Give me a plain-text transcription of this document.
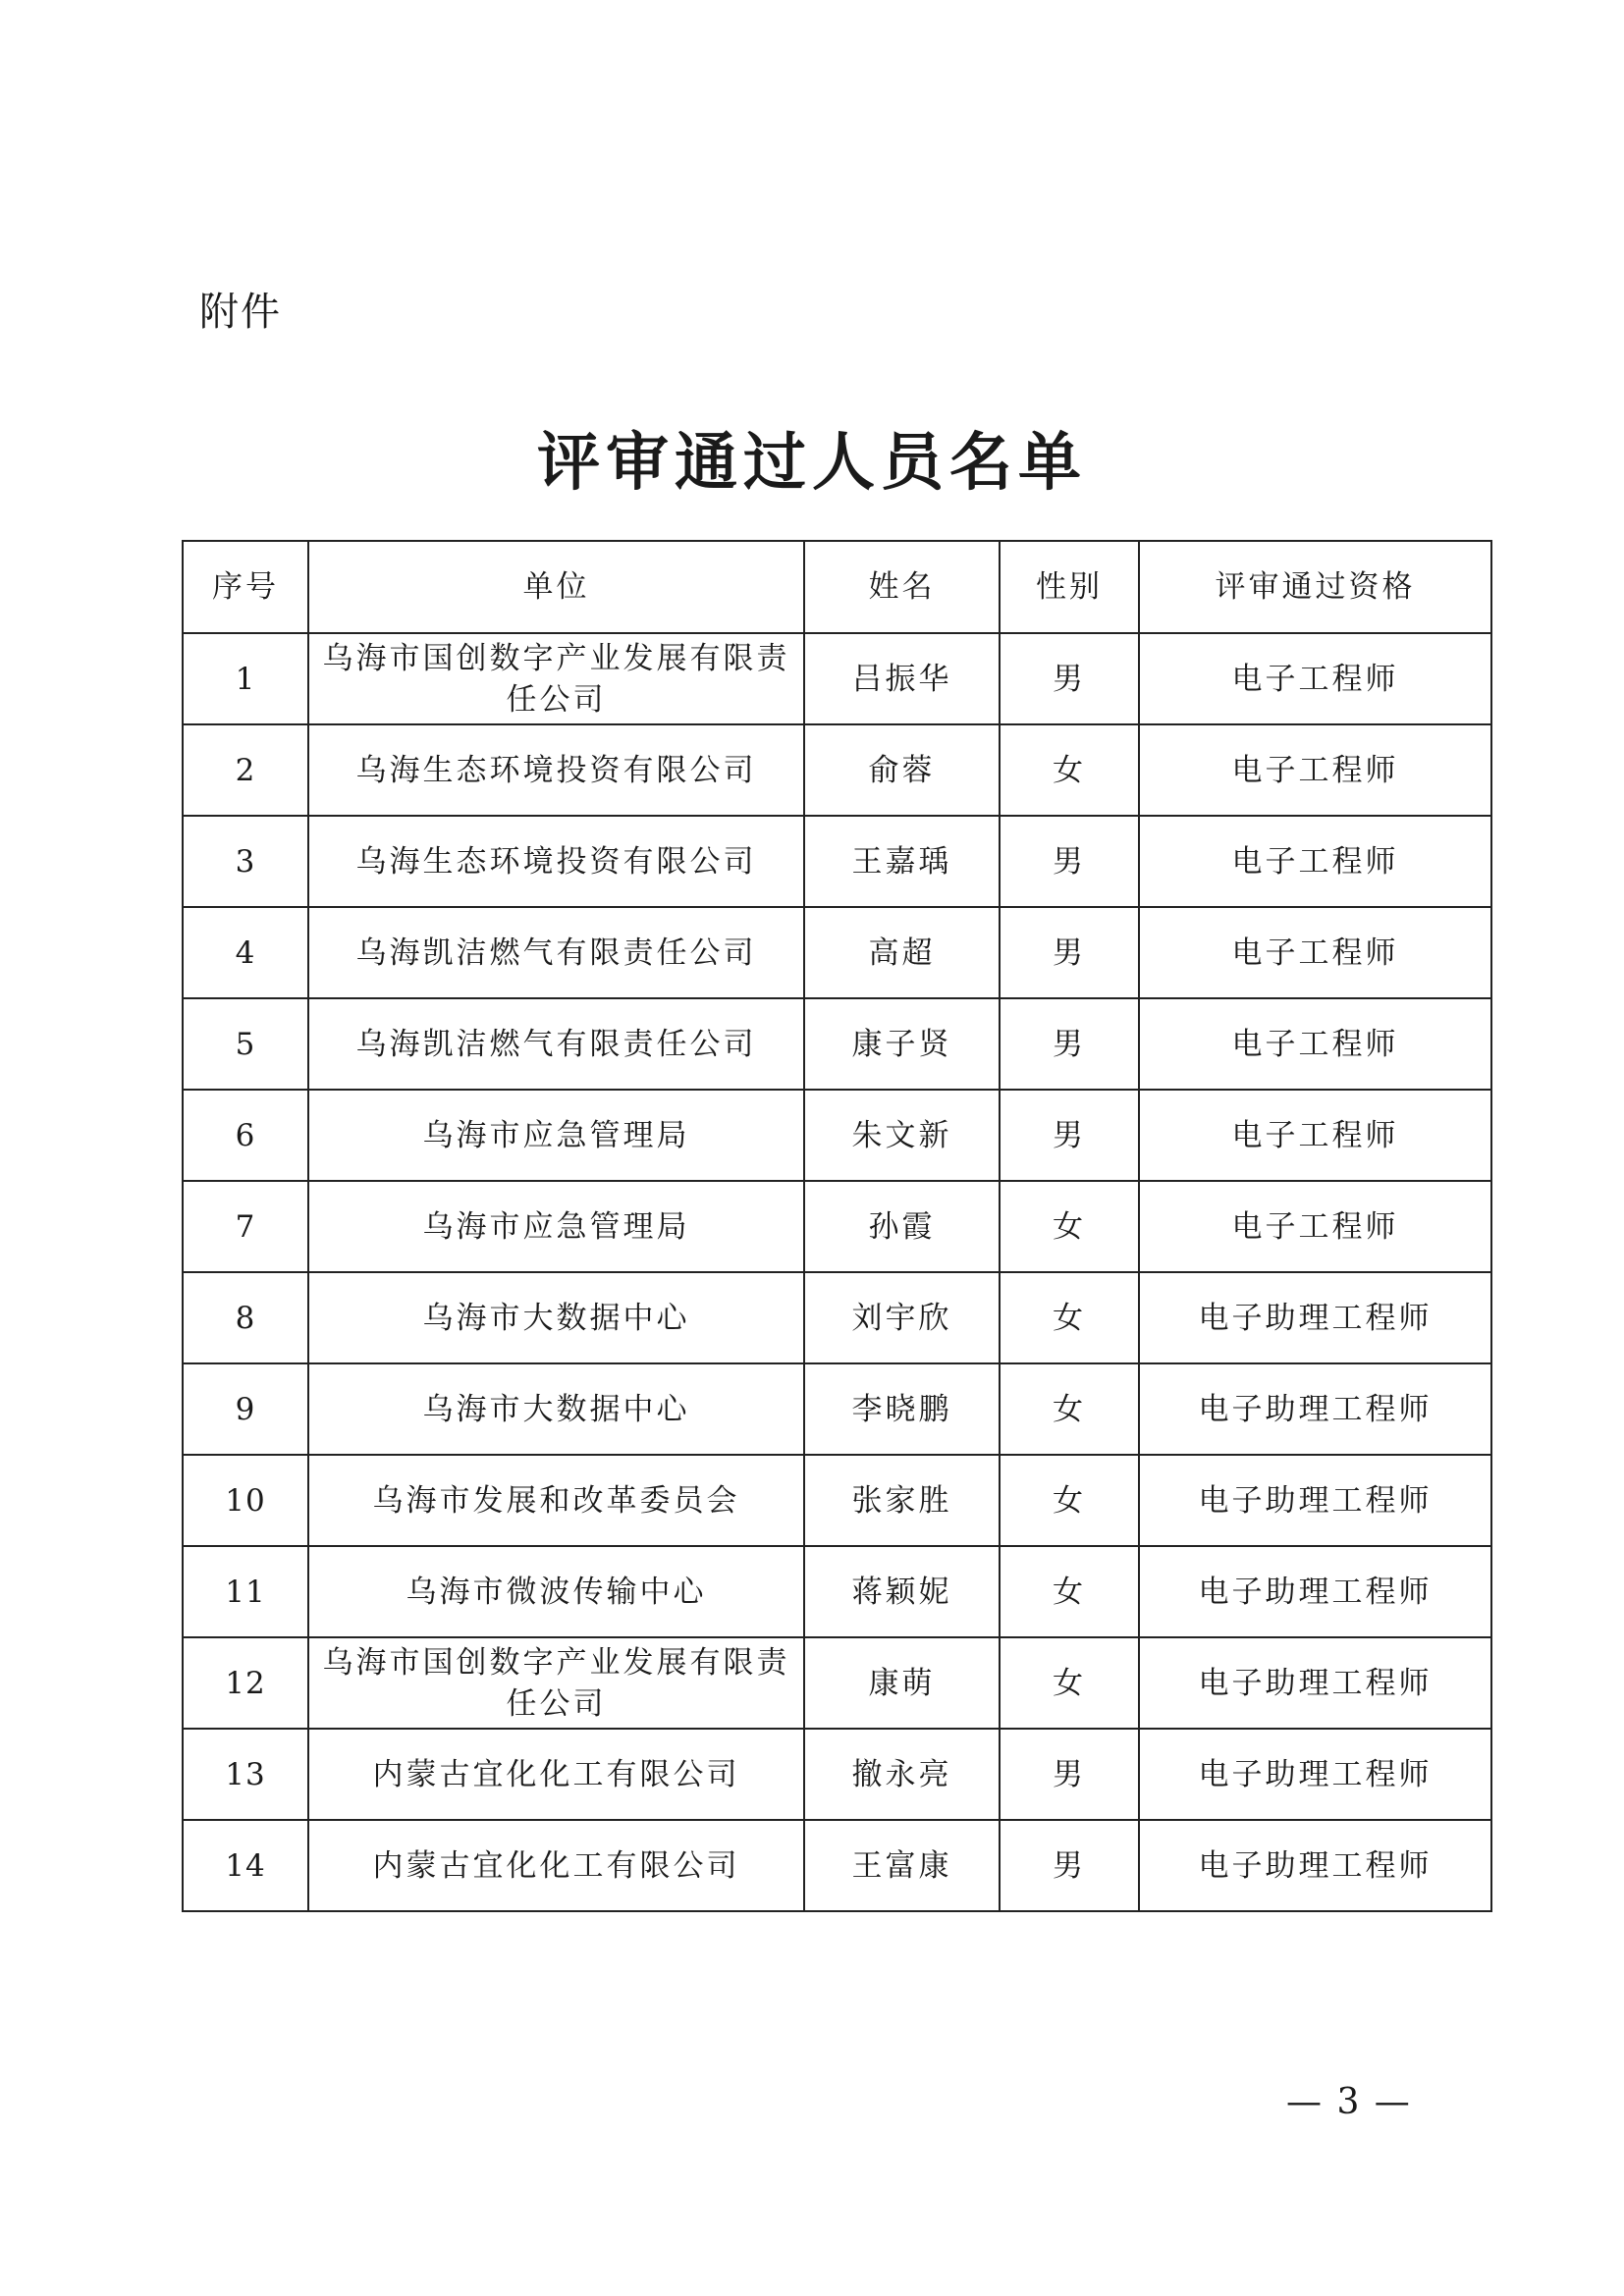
附件
评审通过人员名单
序号	单位	姓名	性别	评审通过资格
1	乌海市国创数字产业发展有限责任公司	吕振华	男	电子工程师
2	乌海生态环境投资有限公司	俞蓉	女	电子工程师
3	乌海生态环境投资有限公司	王嘉瑀	男	电子工程师
4	乌海凯洁燃气有限责任公司	高超	男	电子工程师
5	乌海凯洁燃气有限责任公司	康子贤	男	电子工程师
6	乌海市应急管理局	朱文新	男	电子工程师
7	乌海市应急管理局	孙霞	女	电子工程师
8	乌海市大数据中心	刘宇欣	女	电子助理工程师
9	乌海市大数据中心	李晓鹏	女	电子助理工程师
10	乌海市发展和改革委员会	张家胜	女	电子助理工程师
11	乌海市微波传输中心	蒋颖妮	女	电子助理工程师
12	乌海市国创数字产业发展有限责任公司	康萌	女	电子助理工程师
13	内蒙古宜化化工有限公司	撤永亮	男	电子助理工程师
14	内蒙古宜化化工有限公司	王富康	男	电子助理工程师
— 3 —
